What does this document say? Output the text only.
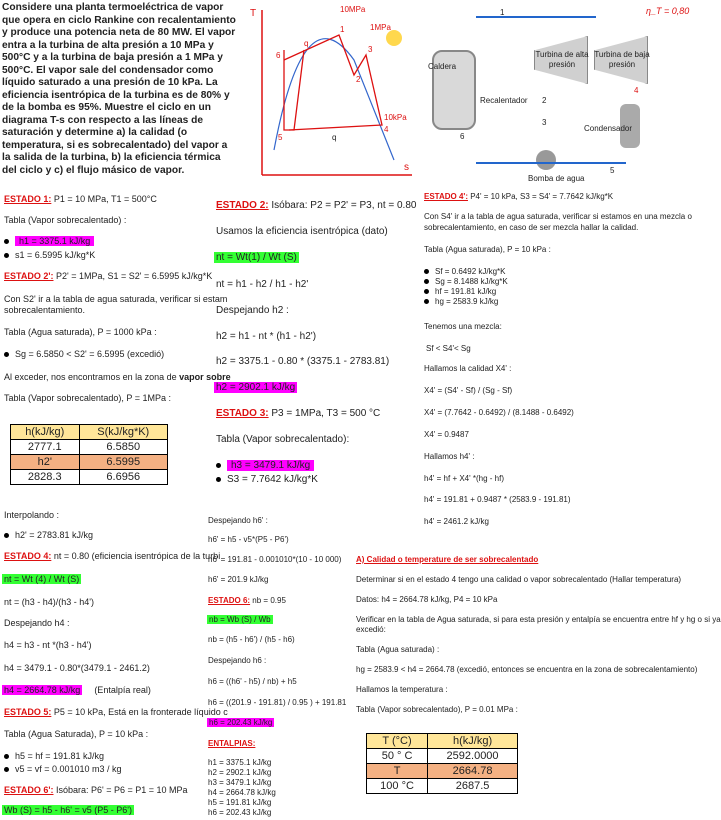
Considere una planta termoeléctrica de vapor
que opera en ciclo Rankine con recalentamiento
y produce una potencia neta de 80 MW. El vapor
entra a la turbina de alta presión a 10 MPa y
500°C y a la turbina de baja presión a 1 MPa y
500°C. El vapor sale del condensador como
líquido saturado a una presión de 10 kPa. La
eficiencia isentrópica de la turbina es de 80% y
de la bomba es 95%. Muestre el ciclo en un
diagrama T-s con respecto a las líneas de
saturación y determine a) la calidad (o
temperatura, si es sobrecalentado) del vapor a
la salida de la turbina, b) la eficiencia térmica
del ciclo y c) el flujo másico de vapor.
T
s
10MPa
1MPa
10kPa
1
2
3
4
5
6
q
q
Caldera
Recalentador
Turbina de alta presión
Turbina de baja presión
Condensador
Bomba de agua
η_T = 0,80
1
2
3
4
5
6
ESTADO 1: P1 = 10 MPa, T1 = 500°C
Tabla (Vapor sobrecalentado) :
h1 = 3375.1 kJ/kg
s1 = 6.5995 kJ/kg*K
ESTADO 2': P2' = 1MPa, S1 = S2' = 6.5995 kJ/kg*K
Con S2' ir a la tabla de agua saturada, verificar si estam
sobrecalentamiento.
Tabla (Agua saturada), P = 1000 kPa :
Sg = 6.5850 < S2' = 6.5995 (excedió)
Al exceder, nos encontramos en la zona de vapor sobre
Tabla (Vapor sobrecalentado), P = 1MPa :
h(kJ/kg)	S(kJ/kg*K)
2777.1	6.5850
h2'	6.5995
2828.3	6.6956
Interpolando :
h2' = 2783.81 kJ/kg
ESTADO 4: nt = 0.80 (eficiencia isentrópica de la turbi
nt = Wt (4) / Wt (S)
nt = (h3 - h4)/(h3 - h4')
Despejando h4 :
h4 = h3 - nt *(h3 - h4')
h4 = 3479.1 - 0.80*(3479.1 - 2461.2)
h4 = 2664.78 kJ/kg (Entalpía real)
ESTADO 5: P5 = 10 kPa, Está en la fronterade líquido c
Tabla (Agua Saturada), P = 10 kPa :
h5 = hf = 191.81 kJ/kg
v5 = vf = 0.001010 m3 / kg
ESTADO 6': Isóbara: P6' = P6 = P1 = 10 MPa
Wb (S) = h5 - h6' = v5 (P5 - P6')
ESTADO 2: Isóbara: P2 = P2' = P3, nt = 0.80
Usamos la eficiencia isentrópica (dato)
nt = Wt(1) / Wt (S)
nt = h1 - h2 / h1 - h2'
Despejando h2 :
h2 = h1 - nt * (h1 - h2')
h2 = 3375.1 - 0.80 * (3375.1 - 2783.81)
h2 = 2902.1 kJ/kg
ESTADO 3: P3 = 1MPa, T3 = 500 °C
Tabla (Vapor sobrecalentado):
h3 = 3479.1 kJ/kg
S3 = 7.7642 kJ/kg*K
Despejando h6' :
h6' = h5 - v5*(P5 - P6')
h6' = 191.81 - 0.001010*(10 - 10 000)
h6' = 201.9 kJ/kg
ESTADO 6: nb = 0.95
nb = Wb (S) / Wb
nb = (h5 - h6') / (h5 - h6)
Despejando h6 :
h6 = ((h6' - h5) / nb) + h5
h6 = ((201.9 - 191.81) / 0.95 ) + 191.81
h6 = 202.43 kJ/kg
ENTALPIAS:
h1 = 3375.1 kJ/kg
h2 = 2902.1 kJ/kg
h3 = 3479.1 kJ/kg
h4 = 2664.78 kJ/kg
h5 = 191.81 kJ/kg
h6 = 202.43 kJ/kg
ESTADO 4': P4' = 10 kPa, S3 = S4' = 7.7642 kJ/kg*K
Con S4' ir a la tabla de agua saturada, verificar si estamos en una mezcla o
sobrecalentamiento, en caso de ser mezcla hallar la calidad.
Tabla (Agua saturada), P = 10 kPa :
Sf = 0.6492 kJ/kg*K
Sg = 8.1488 kJ/kg*K
hf = 191.81 kJ/kg
hg = 2583.9 kJ/kg
Tenemos una mezcla:
Sf < S4'< Sg
Hallamos la calidad X4' :
X4' = (S4' - Sf) / (Sg - Sf)
X4' = (7.7642 - 0.6492) / (8.1488 - 0.6492)
X4' = 0.9487
Hallamos h4' :
h4' = hf + X4' *(hg - hf)
h4' = 191.81 + 0.9487 * (2583.9 - 191.81)
h4' = 2461.2 kJ/kg
A) Calidad o temperature de ser sobrecalentado
Determinar si en el estado 4 tengo una calidad o vapor sobrecalentado (Hallar temperatura)
Datos: h4 = 2664.78 kJ/kg, P4 = 10 kPa
Verificar en la tabla de Agua saturada, si para esta presión y entalpía se encuentra entre hf y hg o si ya
excedió:
Tabla (Agua saturada) :
hg = 2583.9 < h4 = 2664.78 (excedió, entonces se encuentra en la zona de sobrecalentamiento)
Hallamos la temperatura :
Tabla (Vapor sobrecalentado), P = 0.01 MPa :
T (°C)	h(kJ/kg)
50 ° C	2592.0000
T	2664.78
100 °C	2687.5
